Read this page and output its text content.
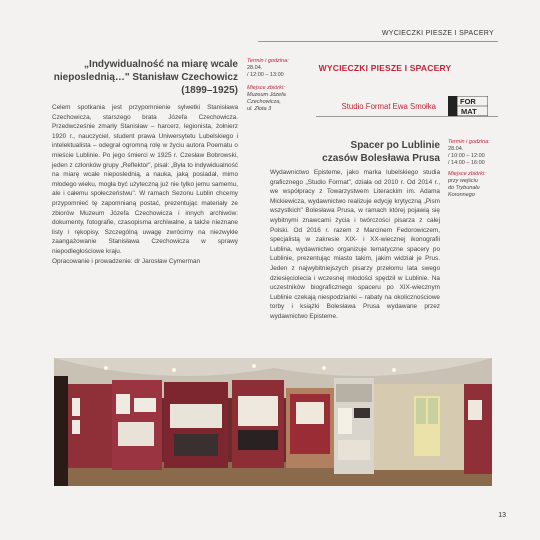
WYCIECZKI PIESZE I SPACERY
„Indywidualność na miarę wcale nieposlednią…" Stanisław Czechowicz (1899–1925)

Celem spotkania jest przypomnienie sylwetki Stanisława Czechowicza, starszego brata Józefa Czechowicza. Przedwcześnie zmarły Stanisław – harcerz, legionista, żołnierz 1920 r., nauczyciel, student prawa Uniwersytetu Lubelskiego i intelektualista – odegrał ogromną rolę w życiu autora Poematu o mieście Lublinie. Po jego śmierci w 1925 r. Czesław Bobrowski, jeden z członków grupy „Reflektor", pisał: „Była to indywidualność na miarę wcale nieposlednią, a nauka, jaką posiadał, mimo młodego wieku, mogła być użyteczną już nie tylko jemu samemu, ale i całemu społeczeństwu". W ramach Sezonu Lublin chcemy przypomnieć tę zapomnianą postać, prezentując materiały ze zbiorów Muzeum Józefa Czechowicza i innych archiwów: dokumenty, fotografie, czasopisma archiwalne, a także nieznane listy i rękopisy. Szczególną uwagę zwrócimy na niezwykłe zaangażowanie Stanisława Czechowicza w sprawy niepodległościowe kraju.

Opracowanie i prowadzenie: dr Jarosław Cymerman

Termin i godzina:
28.04.
/ 12:00 – 13:00
Miejsce zbiórki:
Muzeum Józefa
Czechowicza,
ul. Złota 3
WYCIECZKI PIESZE I SPACERY
Studio Format Ewa Smołka
FOR
MAT
Spacer po Lublinie czasów Bolesława Prusa

Wydawnictwo Episteme, jako marka lubelskiego studia graficznego „Studio Format", działa od 2010 r. Od 2014 r., we współpracy z Towarzystwem Literackim im. Adama Mickiewicza, wydawnictwo realizuje edycję krytyczną „Pism wszystkich" Bolesława Prusa, w ramach której pojawią się wybitnymi znawcami życia i twórczości pisarza z całej Polski. Od 2016 r. razem z Marcinem Fedorowiczem, specjalistą w zakresie XIX- i XX-wiecznej ikonografii Lublina, wydawnictwo organizuje tematyczne spacery po Lublinie, prezentując miasto takim, jakim widział je Prus. Jeden z najwybitniejszych pisarzy przełomu lata swego dziesięciolecia i wczesnej młodości spędził w Lublinie. Na uczestników biograficznego spaceru po XIX-wiecznym Lublinie czekają niespodzianki – rabaty na okolicznościowe torby i książki Bolesława Prusa wydawane przez wydawnictwo Episteme.

Termin i godzina:
28.04.
/ 10:00 – 12:00
/ 14:00 – 16:00
Miejsce zbiórki:
przy wejściu
do Trybunału
Koronnego
13
